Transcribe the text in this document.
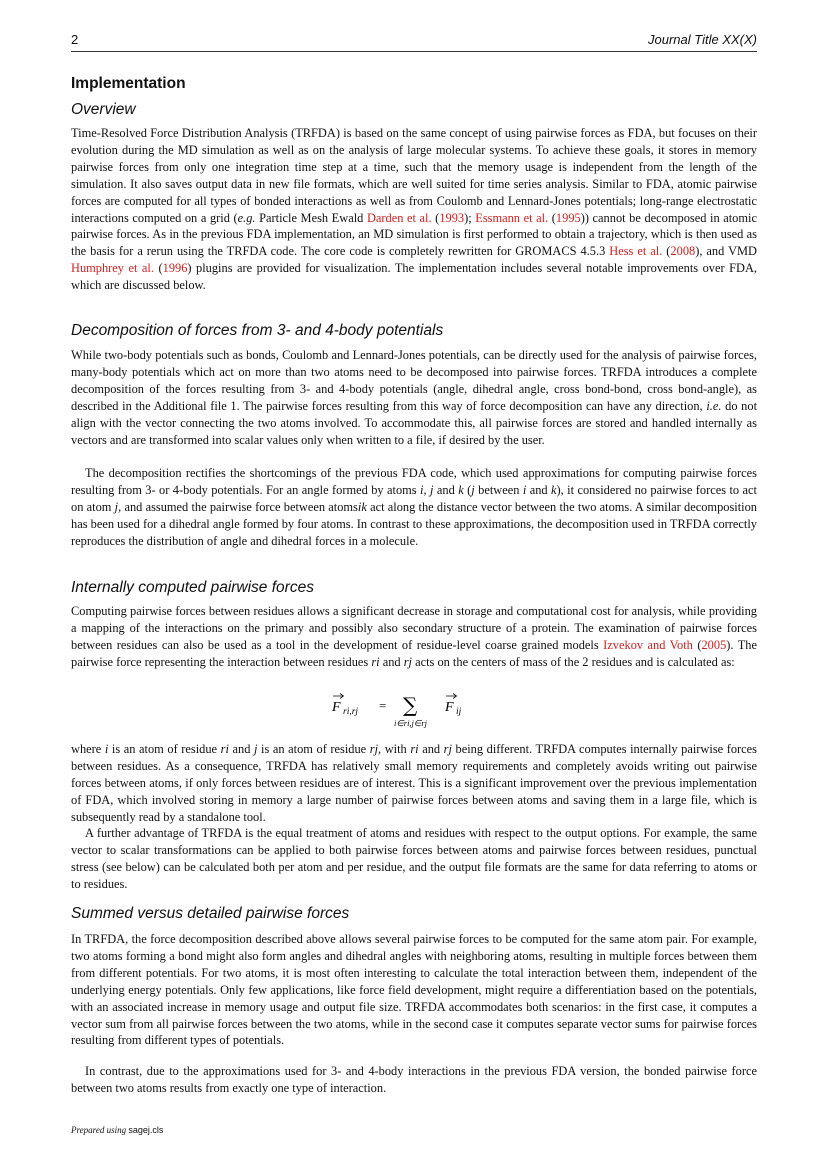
2	Journal Title XX(X)
Implementation
Overview

Time-Resolved Force Distribution Analysis (TRFDA) is based on the same concept of using pairwise forces as FDA, but focuses on their evolution during the MD simulation as well as on the analysis of large molecular systems. To achieve these goals, it stores in memory pairwise forces from only one integration time step at a time, such that the memory usage is independent from the length of the simulation. It also saves output data in new file formats, which are well suited for time series analysis. Similar to FDA, atomic pairwise forces are computed for all types of bonded interactions as well as from Coulomb and Lennard-Jones potentials; long-range electrostatic interactions computed on a grid (e.g. Particle Mesh Ewald Darden et al. (1993); Essmann et al. (1995)) cannot be decomposed in atomic pairwise forces. As in the previous FDA implementation, an MD simulation is first performed to obtain a trajectory, which is then used as the basis for a rerun using the TRFDA code. The core code is completely rewritten for GROMACS 4.5.3 Hess et al. (2008), and VMD Humphrey et al. (1996) plugins are provided for visualization. The implementation includes several notable improvements over FDA, which are discussed below.

Decomposition of forces from 3- and 4-body potentials

While two-body potentials such as bonds, Coulomb and Lennard-Jones potentials, can be directly used for the analysis of pairwise forces, many-body potentials which act on more than two atoms need to be decomposed into pairwise forces. TRFDA introduces a complete decomposition of the forces resulting from 3- and 4-body potentials (angle, dihedral angle, cross bond-bond, cross bond-angle), as described in the Additional file 1. The pairwise forces resulting from this way of force decomposition can have any direction, i.e. do not align with the vector connecting the two atoms involved. To accommodate this, all pairwise forces are stored and handled internally as vectors and are transformed into scalar values only when written to a file, if desired by the user.

The decomposition rectifies the shortcomings of the previous FDA code, which used approximations for computing pairwise forces resulting from 3- or 4-body potentials. For an angle formed by atoms i, j and k (j between i and k), it considered no pairwise forces to act on atom j, and assumed the pairwise force between atomsik act along the distance vector between the two atoms. A similar decomposition has been used for a dihedral angle formed by four atoms. In contrast to these approximations, the decomposition used in TRFDA correctly reproduces the distribution of angle and dihedral forces in a molecule.

Internally computed pairwise forces

Computing pairwise forces between residues allows a significant decrease in storage and computational cost for analysis, while providing a mapping of the interactions on the primary and possibly also secondary structure of a protein. The examination of pairwise forces between residues can also be used as a tool in the development of residue-level coarse grained models Izvekov and Voth (2005). The pairwise force representing the interaction between residues ri and rj acts on the centers of mass of the 2 residues and is calculated as:

F ri,rj = ∑
i∈ri,j∈rj
F ij

where i is an atom of residue ri and j is an atom of residue rj, with ri and rj being different. TRFDA computes internally pairwise forces between residues. As a consequence, TRFDA has relatively small memory requirements and completely avoids writing out pairwise forces between atoms, if only forces between residues are of interest. This is a significant improvement over the previous implementation of FDA, which involved storing in memory a large number of pairwise forces between atoms and saving them in a large file, which is subsequently read by a standalone tool.

A further advantage of TRFDA is the equal treatment of atoms and residues with respect to the output options. For example, the same vector to scalar transformations can be applied to both pairwise forces between atoms and pairwise forces between residues, punctual stress (see below) can be calculated both per atom and per residue, and the output file formats are the same for data referring to atoms or to residues.

Summed versus detailed pairwise forces

In TRFDA, the force decomposition described above allows several pairwise forces to be computed for the same atom pair. For example, two atoms forming a bond might also form angles and dihedral angles with neighboring atoms, resulting in multiple forces between them from different potentials. For two atoms, it is most often interesting to calculate the total interaction between them, independent of the underlying energy potentials. Only few applications, like force field development, might require a differentiation based on the potentials, with an associated increase in memory usage and output file size. TRFDA accommodates both scenarios: in the first case, it computes a vector sum from all pairwise forces between the two atoms, while in the second case it computes separate vector sums for pairwise forces resulting from different types of potentials.

In contrast, due to the approximations used for 3- and 4-body interactions in the previous FDA version, the bonded pairwise force between two atoms results from exactly one type of interaction.

Prepared using sagej.cls
